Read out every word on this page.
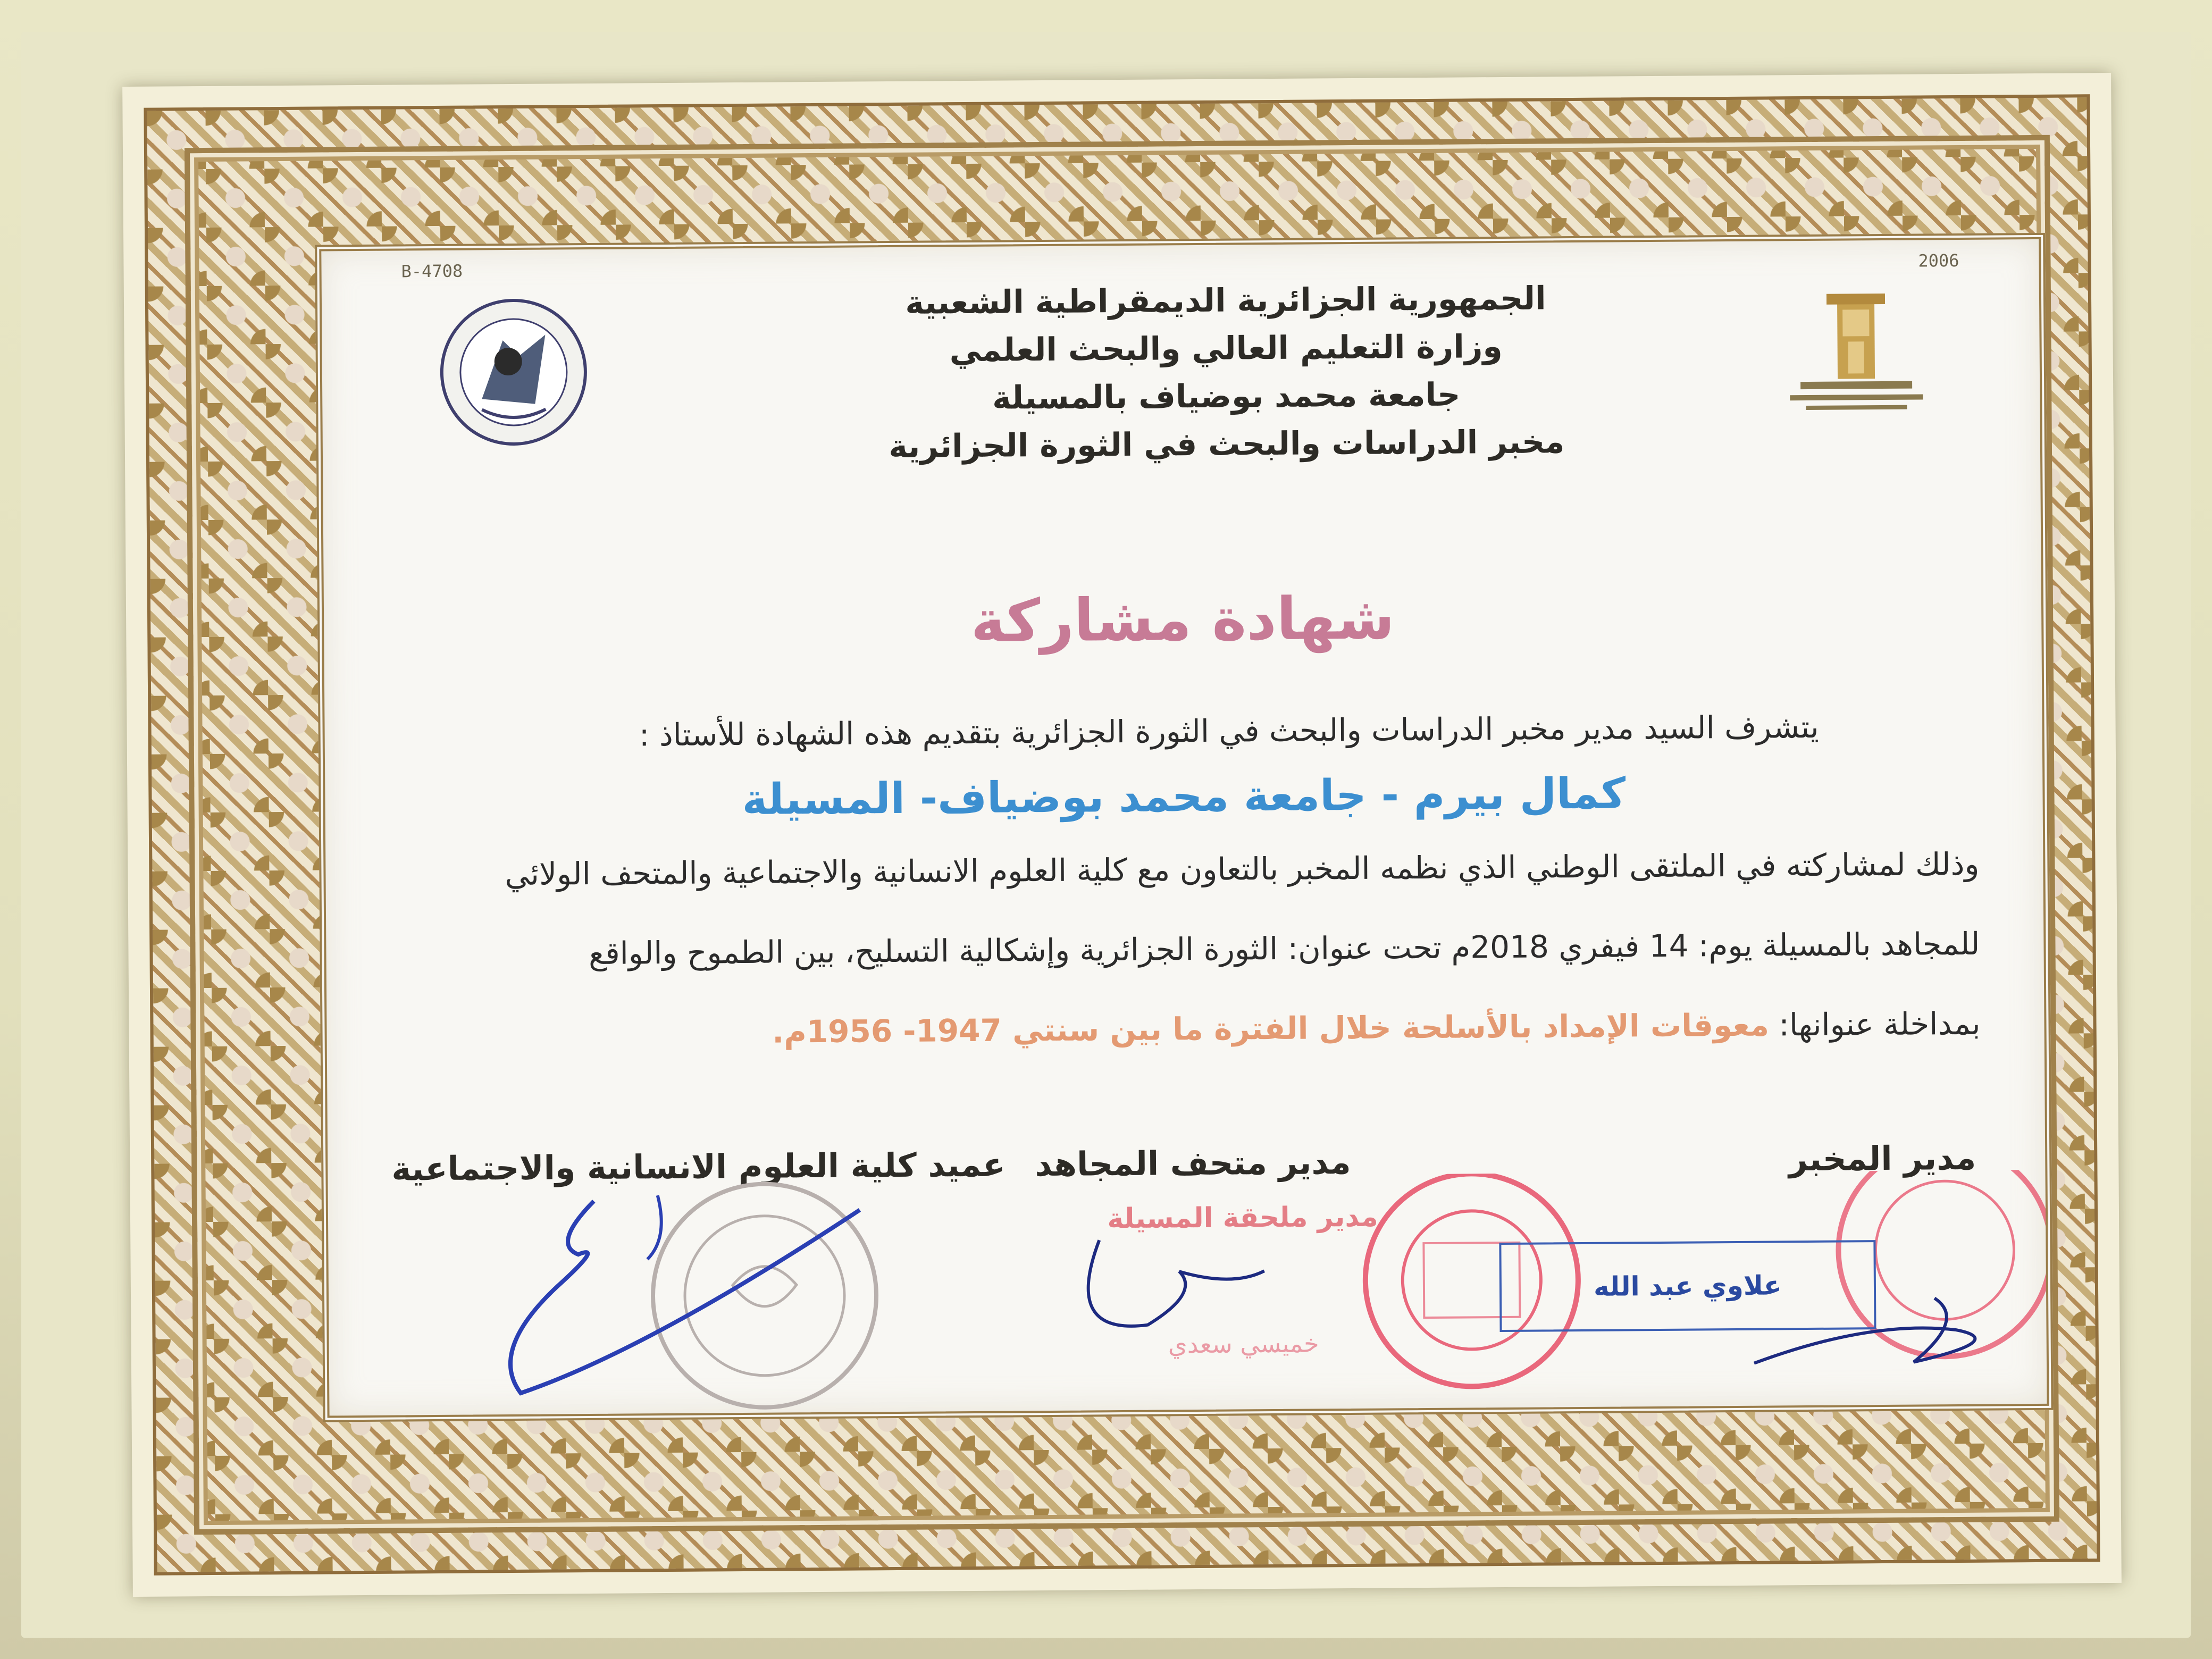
4708-B
2006
الجمهورية الجزائرية الديمقراطية الشعبية
وزارة التعليم العالي والبحث العلمي
جامعة محمد بوضياف بالمسيلة
مخبر الدراسات والبحث في الثورة الجزائرية
شهادة مشاركة
يتشرف السيد مدير مخبر الدراسات والبحث في الثورة الجزائرية بتقديم هذه الشهادة للأستاذ :
كمال بيرم - جامعة محمد بوضياف- المسيلة
وذلك لمشاركته في الملتقى الوطني الذي نظمه المخبر بالتعاون مع كلية العلوم الانسانية والاجتماعية والمتحف الولائي
للمجاهد بالمسيلة يوم: 14 فيفري 2018م تحت عنوان: الثورة الجزائرية وإشكالية التسليح، بين الطموح والواقع
بمداخلة عنوانها: معوقات الإمداد بالأسلحة خلال الفترة ما بين سنتي 1947- 1956م.
عميد كلية العلوم الانسانية والاجتماعية مدير متحف المجاهد	مدير المخبر
مدير ملحقة المسيلة
خميسي سعدي
علاوي عبد الله
